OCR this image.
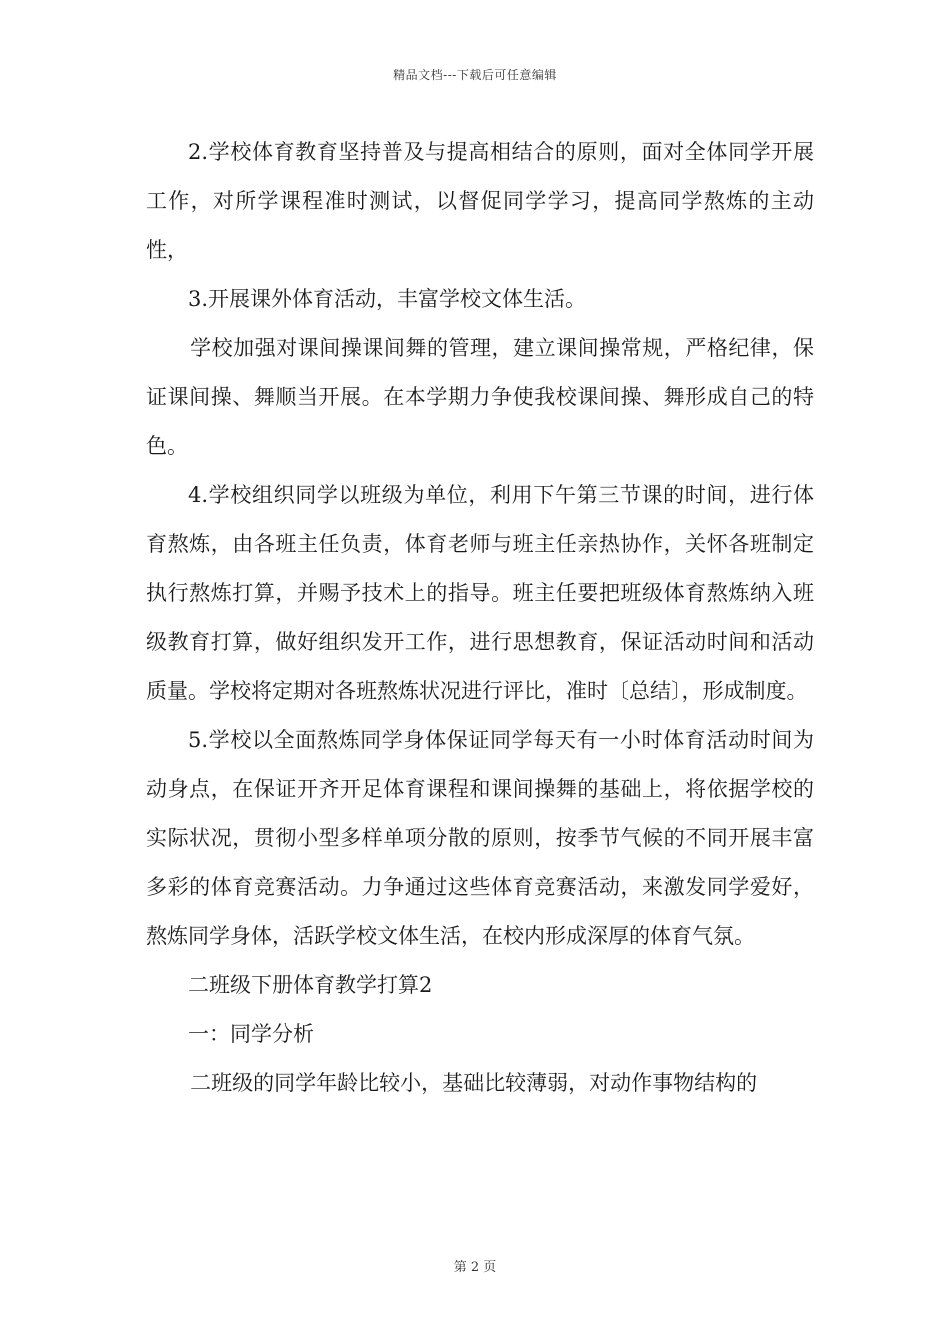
精品文档---下载后可任意编辑

2.学校体育教育坚持普及与提高相结合的原则，面对全体同学开展工作，对所学课程准时测试，以督促同学学习，提高同学熬炼的主动性，

3.开展课外体育活动，丰富学校文体生活。

学校加强对课间操课间舞的管理，建立课间操常规，严格纪律，保证课间操、舞顺当开展。在本学期力争使我校课间操、舞形成自己的特色。

4.学校组织同学以班级为单位，利用下午第三节课的时间，进行体育熬炼，由各班主任负责，体育老师与班主任亲热协作，关怀各班制定执行熬炼打算，并赐予技术上的指导。班主任要把班级体育熬炼纳入班级教育打算，做好组织发开工作，进行思想教育，保证活动时间和活动质量。学校将定期对各班熬炼状况进行评比，准时〔总结〕，形成制度。

5.学校以全面熬炼同学身体保证同学每天有一小时体育活动时间为动身点，在保证开齐开足体育课程和课间操舞的基础上，将依据学校的实际状况，贯彻小型多样单项分散的原则，按季节气候的不同开展丰富多彩的体育竞赛活动。力争通过这些体育竞赛活动，来激发同学爱好，熬炼同学身体，活跃学校文体生活，在校内形成深厚的体育气氛。

二班级下册体育教学打算2

一：同学分析

二班级的同学年龄比较小，基础比较薄弱，对动作事物结构的

第 2 页
